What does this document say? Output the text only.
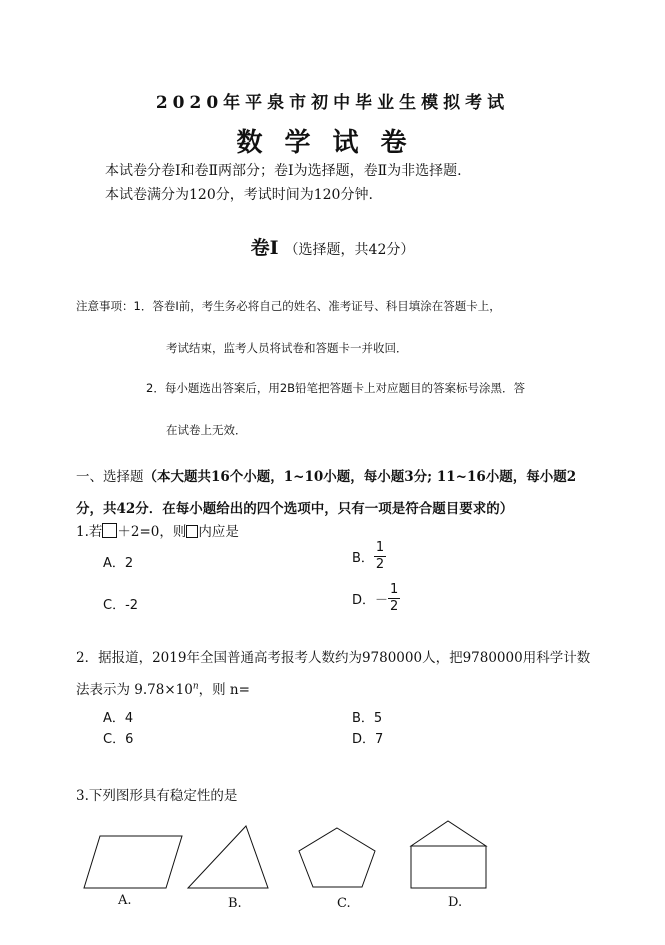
2020年平泉市初中毕业生模拟考试
数学试卷
本试卷分卷Ⅰ和卷Ⅱ两部分；卷Ⅰ为选择题，卷Ⅱ为非选择题.
本试卷满分为120分，考试时间为120分钟.
卷Ⅰ （选择题，共42分）
注意事项：1．答卷Ⅰ前，考生务必将自己的姓名、准考证号、科目填涂在答题卡上，
考试结束，监考人员将试卷和答题卡一并收回．
2．每小题选出答案后，用2B铅笔把答题卡上对应题目的答案标号涂黑．答
在试卷上无效．
一、选择题（本大题共16个小题，1~10小题，每小题3分; 11~16小题，每小题2
分，共42分．在每小题给出的四个选项中，只有一项是符合题目要求的）
1.若 ＋2=0，则 内应是
A．2	B． $\frac{1}{2}$
C．-2	D．－ $\frac{1}{2}$
2．据报道，2019年全国普通高考报考人数约为9780000人，把9780000用科学计数
法表示为 $9.78\times 10^n$，则 n=
A．4	B．5
C．6	D．7
3.下列图形具有稳定性的是
A.	B.	C.	D.
